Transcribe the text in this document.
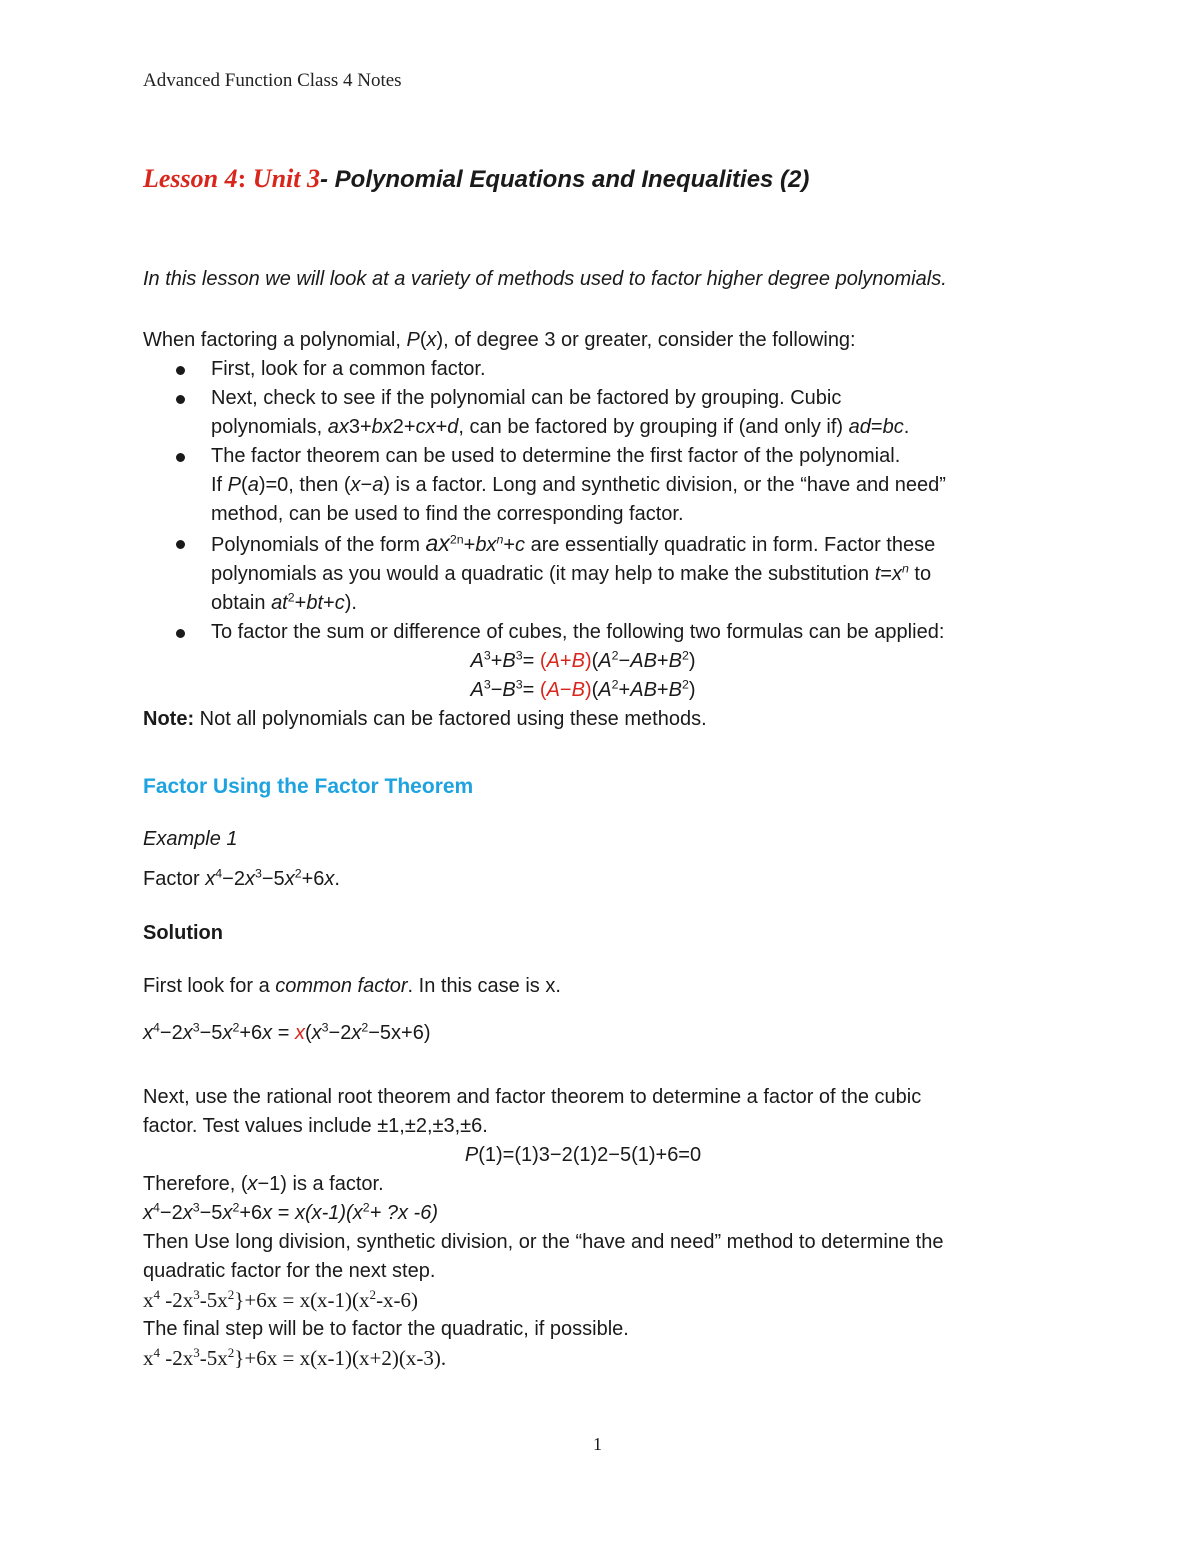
Advanced Function Class 4 Notes
Lesson 4: Unit 3- Polynomial Equations and Inequalities (2)
In this lesson we will look at a variety of methods used to factor higher degree polynomials.

When factoring a polynomial, P(x), of degree 3 or greater, consider the following:

First, look for a common factor.
Next, check to see if the polynomial can be factored by grouping. Cubic
polynomials, ax3+bx2+cx+d, can be factored by grouping if (and only if) ad=bc.
The factor theorem can be used to determine the first factor of the polynomial.
If P(a)=0, then (x−a) is a factor. Long and synthetic division, or the “have and need”
method, can be used to find the corresponding factor.
Polynomials of the form $ax^{2n}+bx^n+c$ are essentially quadratic in form. Factor these
polynomials as you would a quadratic (it may help to make the substitution $t=x^n$ to
obtain $at^2+bt+c$).
To factor the sum or difference of cubes, the following two formulas can be applied:

$A^3+B^3= (A+B)(A^2-AB+B^2)$

$A^3-B^3= (A-B)(A^2+AB+B^2)$

Note: Not all polynomials can be factored using these methods.

Factor Using the Factor Theorem
Example 1
Factor $x^4-2x^3-5x^2+6x$.
Solution
First look for a common factor. In this case is x.
$x^4-2x^3-5x^2+6x = x(x^3-2x^2-5x+6)$

Next, use the rational root theorem and factor theorem to determine a factor of the cubic
factor. Test values include ±1,±2,±3,±6.

P(1)=(1)3−2(1)2−5(1)+6=0

Therefore, (x−1) is a factor.

$x^4-2x^3-5x^2+6x = x(x-1)(x^2+$ ?x -6)

Then Use long division, synthetic division, or the “have and need” method to determine the
quadratic factor for the next step.

$x^4$ $-2x^3-5x^2\}+6x = x(x-1)(x^2-x-6)$

The final step will be to factor the quadratic, if possible.

$x^4$ $-2x^3-5x^2\}+6x = x(x-1)(x+2)(x-3)$.

1
